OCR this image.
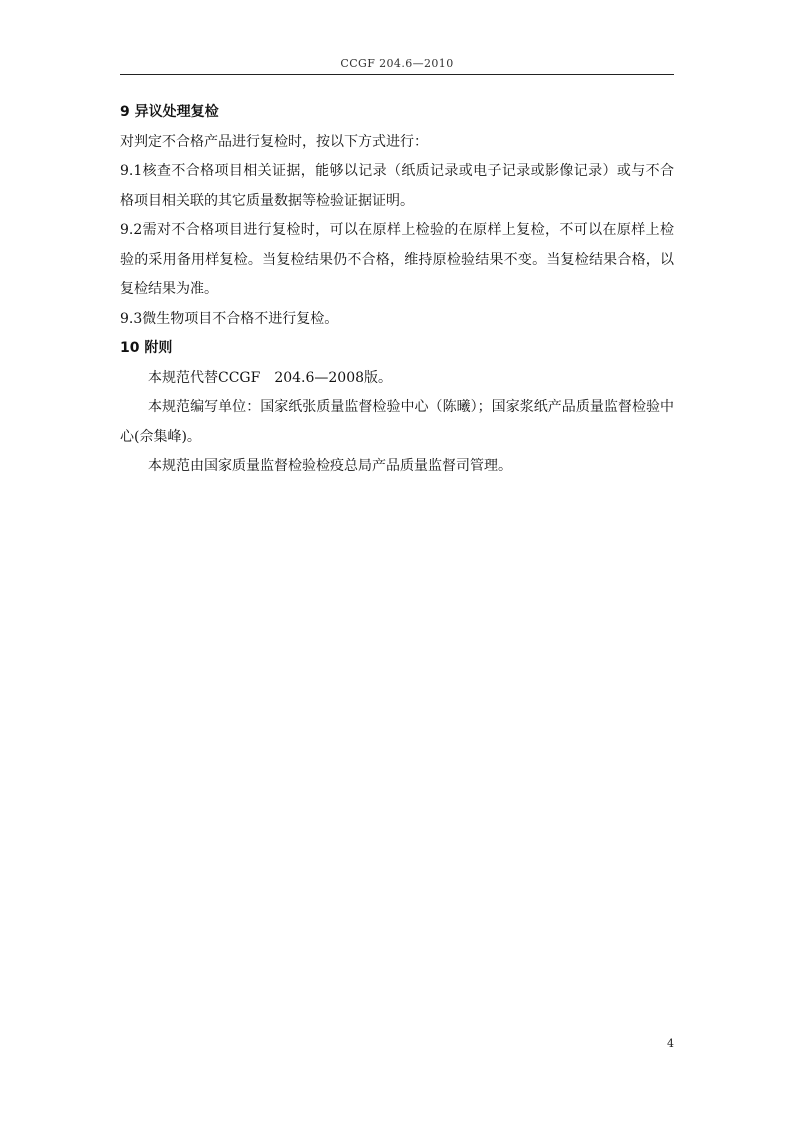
CCGF 204.6—2010

9 异议处理复检

对判定不合格产品进行复检时，按以下方式进行：

9.1核查不合格项目相关证据，能够以记录（纸质记录或电子记录或影像记录）或与不合格项目相关联的其它质量数据等检验证据证明。

9.2需对不合格项目进行复检时，可以在原样上检验的在原样上复检，不可以在原样上检验的采用备用样复检。当复检结果仍不合格，维持原检验结果不变。当复检结果合格，以复检结果为准。

9.3微生物项目不合格不进行复检。

10 附则

本规范代替CCGF　204.6—2008版。

本规范编写单位：国家纸张质量监督检验中心（陈曦）；国家浆纸产品质量监督检验中心(佘集峰)。

本规范由国家质量监督检验检疫总局产品质量监督司管理。

4
